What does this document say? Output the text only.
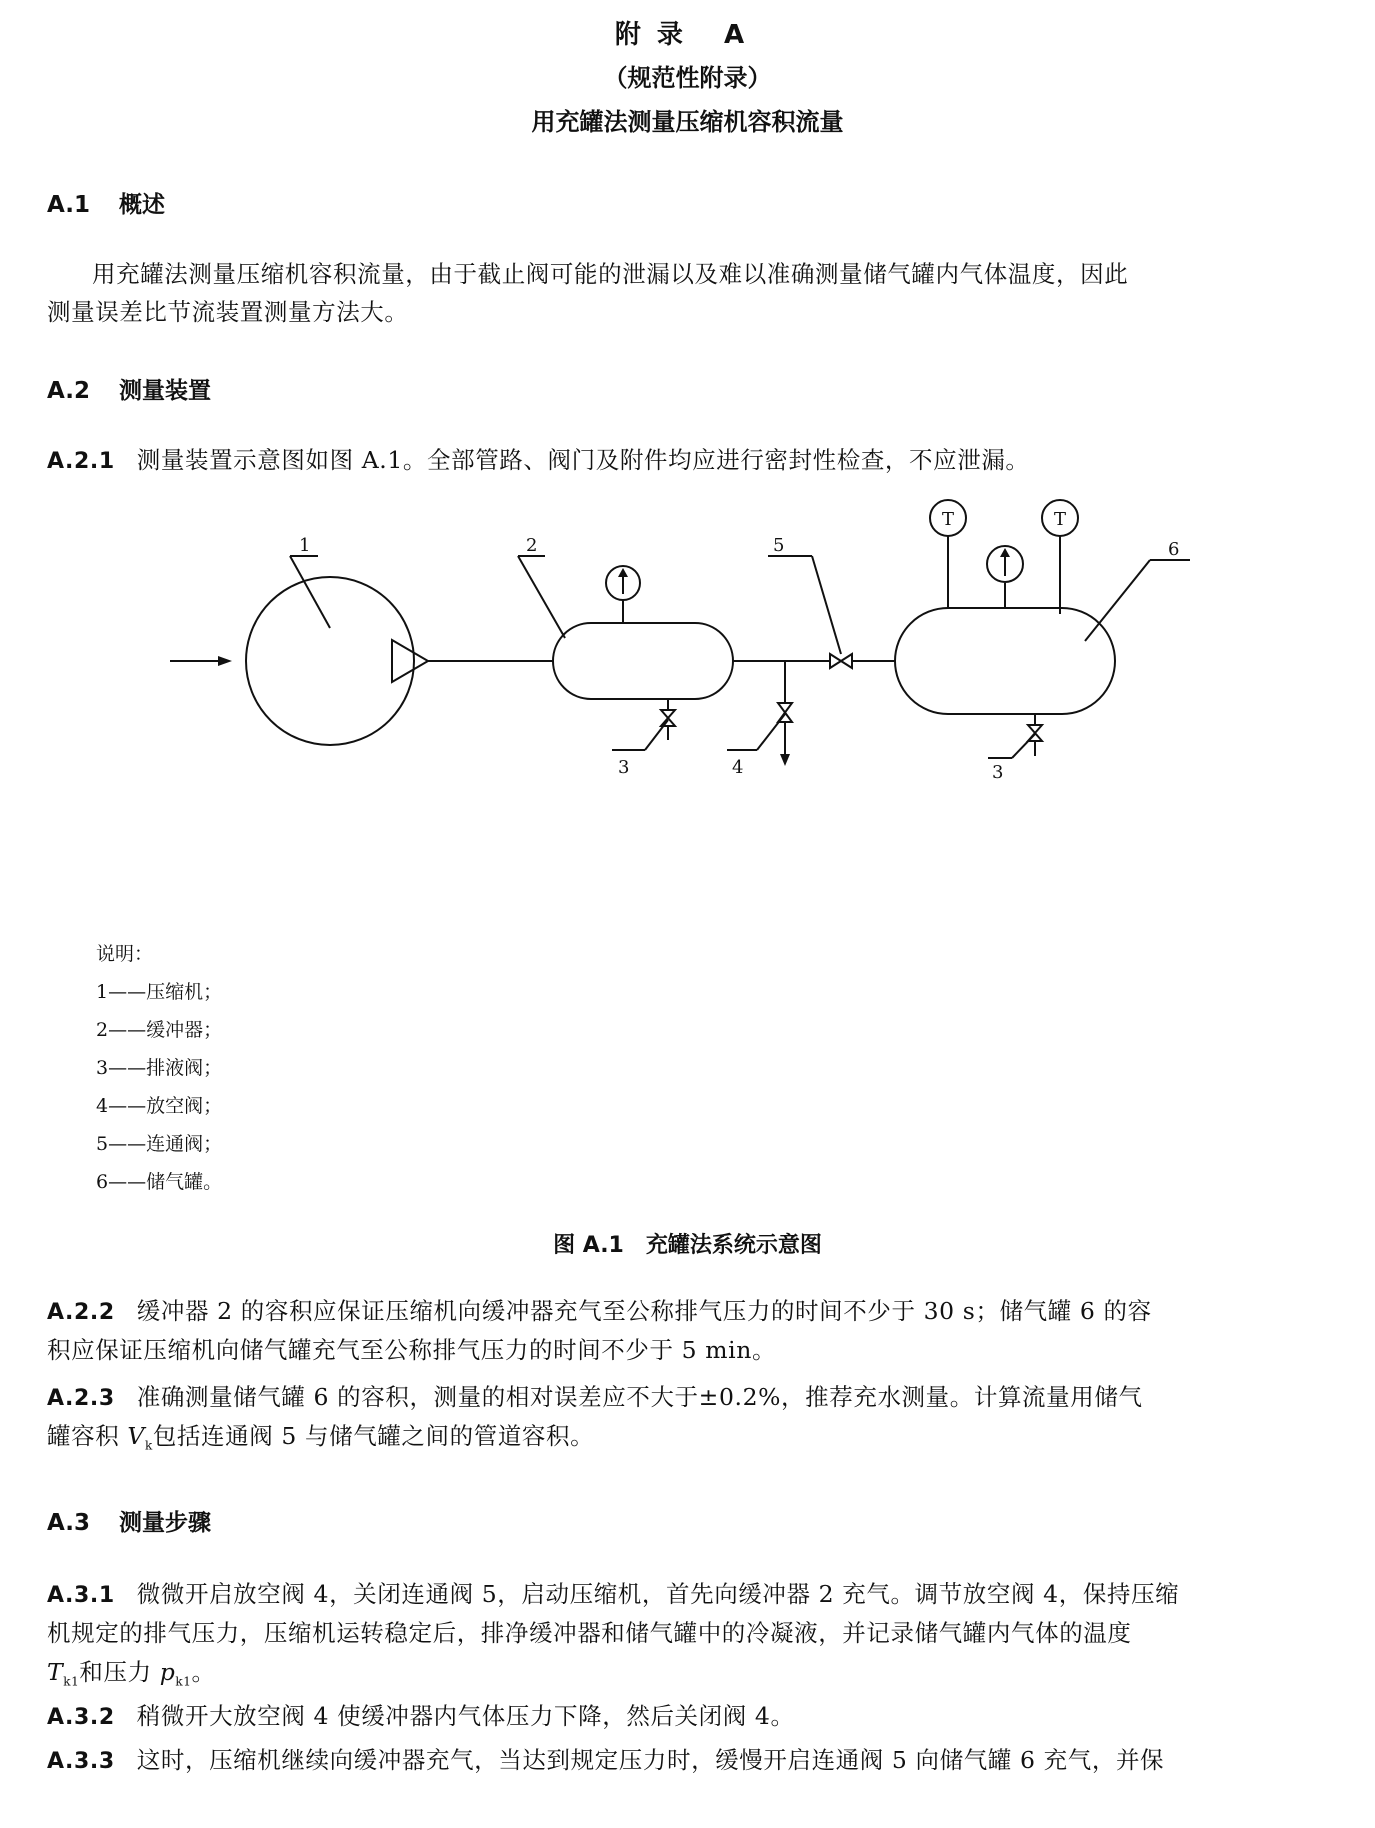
附录 A
（规范性附录）
用充罐法测量压缩机容积流量
A.1 概述
用充罐法测量压缩机容积流量，由于截止阀可能的泄漏以及难以准确测量储气罐内气体温度，因此
测量误差比节流装置测量方法大。
A.2 测量装置
A.2.1 测量装置示意图如图 A.1。全部管路、阀门及附件均应进行密封性检查，不应泄漏。
1	2
3	4
5	6
3
T	T
说明：
1——压缩机；
2——缓冲器；
3——排液阀；
4——放空阀；
5——连通阀；
6——储气罐。
图 A.1　充罐法系统示意图
A.2.2 缓冲器 2 的容积应保证压缩机向缓冲器充气至公称排气压力的时间不少于 30 s；储气罐 6 的容
积应保证压缩机向储气罐充气至公称排气压力的时间不少于 5 min。
A.2.3 准确测量储气罐 6 的容积，测量的相对误差应不大于±0.2%，推荐充水测量。计算流量用储气
罐容积 $V_k$包括连通阀 5 与储气罐之间的管道容积。
A.3 测量步骤
A.3.1 微微开启放空阀 4，关闭连通阀 5，启动压缩机，首先向缓冲器 2 充气。调节放空阀 4，保持压缩
机规定的排气压力，压缩机运转稳定后，排净缓冲器和储气罐中的冷凝液，并记录储气罐内气体的温度
$T_{k1}$和压力 $p_{k1}$。
A.3.2 稍微开大放空阀 4 使缓冲器内气体压力下降，然后关闭阀 4。
A.3.3 这时，压缩机继续向缓冲器充气，当达到规定压力时，缓慢开启连通阀 5 向储气罐 6 充气，并保
